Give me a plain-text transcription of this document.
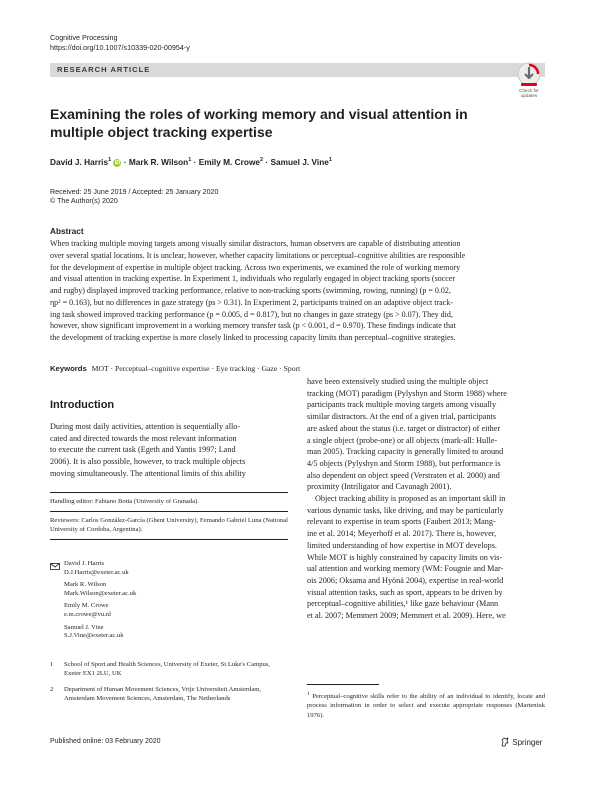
Cognitive Processing
https://doi.org/10.1007/s10339-020-00954-y
RESEARCH ARTICLE
Check for
updates
Examining the roles of working memory and visual attention in multiple object tracking expertise
David J. Harris$^1$ iD · Mark R. Wilson$^1$ · Emily M. Crowe$^2$ · Samuel J. Vine$^1$
Received: 25 June 2019 / Accepted: 25 January 2020
© The Author(s) 2020
Abstract
When tracking multiple moving targets among visually similar distractors, human observers are capable of distributing attention
over several spatial locations. It is unclear, however, whether capacity limitations or perceptual–cognitive abilities are responsible
for the development of expertise in multiple object tracking. Across two experiments, we examined the role of working memory
and visual attention in tracking expertise. In Experiment 1, individuals who regularly engaged in object tracking sports (soccer
and rugby) displayed improved tracking performance, relative to non-tracking sports (swimming, rowing, running) (p = 0.02,
ηp² = 0.163), but no differences in gaze strategy (ps > 0.31). In Experiment 2, participants trained on an adaptive object track-
ing task showed improved tracking performance (p = 0.005, d = 0.817), but no changes in gaze strategy (ps > 0.07). They did,
however, show significant improvement in a working memory transfer task (p < 0.001, d = 0.970). These findings indicate that
the development of tracking expertise is more closely linked to processing capacity limits than perceptual–cognitive strategies.
Keywords MOT · Perceptual–cognitive expertise · Eye tracking · Gaze · Sport
Introduction
During most daily activities, attention is sequentially allo-
cated and directed towards the most relevant information
to execute the current task (Egeth and Yantis 1997; Land
2006). It is also possible, however, to track multiple objects
moving simultaneously. The attentional limits of this ability
Handling editor: Fabiano Botta (University of Granada).
Reviewers: Carlos González-García (Ghent University), Fernando Gabriel Luna (National University of Cordoba, Argentina).
David J. Harris
D.J.Harris@exeter.ac.uk
Mark R. Wilson
Mark.Wilson@exeter.ac.uk
Emily M. Crowe
e.m.crowe@vu.nl
Samuel J. Vine
S.J.Vine@exeter.ac.uk
1	School of Sport and Health Sciences, University of Exeter, St Luke's Campus, Exeter EX1 2LU, UK
2	Department of Human Movement Sciences, Vrije Universiteit Amsterdam, Amsterdam Movement Sciences, Amsterdam, The Netherlands
have been extensively studied using the multiple object
tracking (MOT) paradigm (Pylyshyn and Storm 1988) where
participants track multiple moving targets among visually
similar distractors. At the end of a given trial, participants
are asked about the status (i.e. target or distractor) of either
a single object (probe-one) or all objects (mark-all: Hulle-
man 2005). Tracking capacity is generally limited to around
4/5 objects (Pylyshyn and Storm 1988), but performance is
also dependent on object speed (Verstraten et al. 2000) and
proximity (Intriligator and Cavanagh 2001).
Object tracking ability is proposed as an important skill in
various dynamic tasks, like driving, and may be particularly
relevant to expertise in team sports (Faubert 2013; Mang-
ine et al. 2014; Meyerhoff et al. 2017). There is, however,
limited understanding of how expertise in MOT develops.
While MOT is highly constrained by capacity limits on vis-
ual attention and working memory (WM: Fougnie and Mar-
ois 2006; Oksama and Hyönä 2004), expertise in real-world
visual attention tasks, such as sport, appears to be driven by
perceptual–cognitive abilities,¹ like gaze behaviour (Mann
et al. 2007; Memmert 2009; Memmert et al. 2009). Here, we
$^1$ Perceptual–cognitive skills refer to the ability of an individual to identify, locate and process information in order to select and execute appropriate responses (Marteniuk 1976).
Published online: 03 February 2020	Springer
